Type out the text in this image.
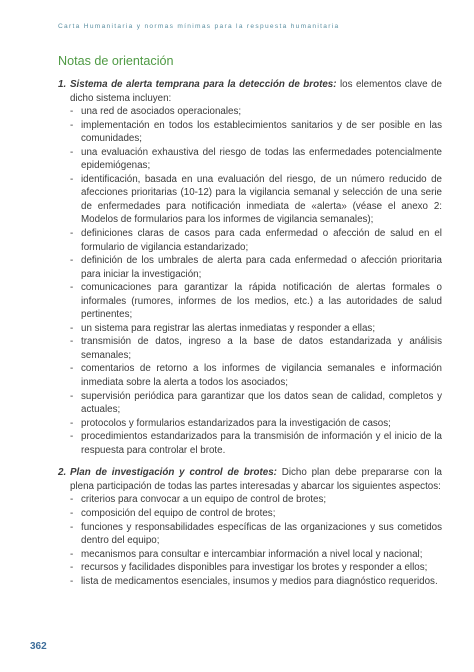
Carta Humanitaria y normas mínimas para la respuesta humanitaria
Notas de orientación
1. Sistema de alerta temprana para la detección de brotes: los elementos clave de dicho sistema incluyen:
- una red de asociados operacionales;
- implementación en todos los establecimientos sanitarios y de ser posible en las comunidades;
- una evaluación exhaustiva del riesgo de todas las enfermedades potencialmente epidemiógenas;
- identificación, basada en una evaluación del riesgo, de un número reducido de afecciones prioritarias (10-12) para la vigilancia semanal y selección de una serie de enfermedades para notificación inmediata de «alerta» (véase el anexo 2: Modelos de formularios para los informes de vigilancia semanales);
- definiciones claras de casos para cada enfermedad o afección de salud en el formulario de vigilancia estandarizado;
- definición de los umbrales de alerta para cada enfermedad o afección prioritaria para iniciar la investigación;
- comunicaciones para garantizar la rápida notificación de alertas formales o informales (rumores, informes de los medios, etc.) a las autoridades de salud pertinentes;
- un sistema para registrar las alertas inmediatas y responder a ellas;
- transmisión de datos, ingreso a la base de datos estandarizada y análisis semanales;
- comentarios de retorno a los informes de vigilancia semanales e información inmediata sobre la alerta a todos los asociados;
- supervisión periódica para garantizar que los datos sean de calidad, completos y actuales;
- protocolos y formularios estandarizados para la investigación de casos;
- procedimientos estandarizados para la transmisión de información y el inicio de la respuesta para controlar el brote.
2. Plan de investigación y control de brotes: Dicho plan debe prepararse con la plena participación de todas las partes interesadas y abarcar los siguientes aspectos:
- criterios para convocar a un equipo de control de brotes;
- composición del equipo de control de brotes;
- funciones y responsabilidades específicas de las organizaciones y sus cometidos dentro del equipo;
- mecanismos para consultar e intercambiar información a nivel local y nacional;
- recursos y facilidades disponibles para investigar los brotes y responder a ellos;
- lista de medicamentos esenciales, insumos y medios para diagnóstico requeridos.
362
